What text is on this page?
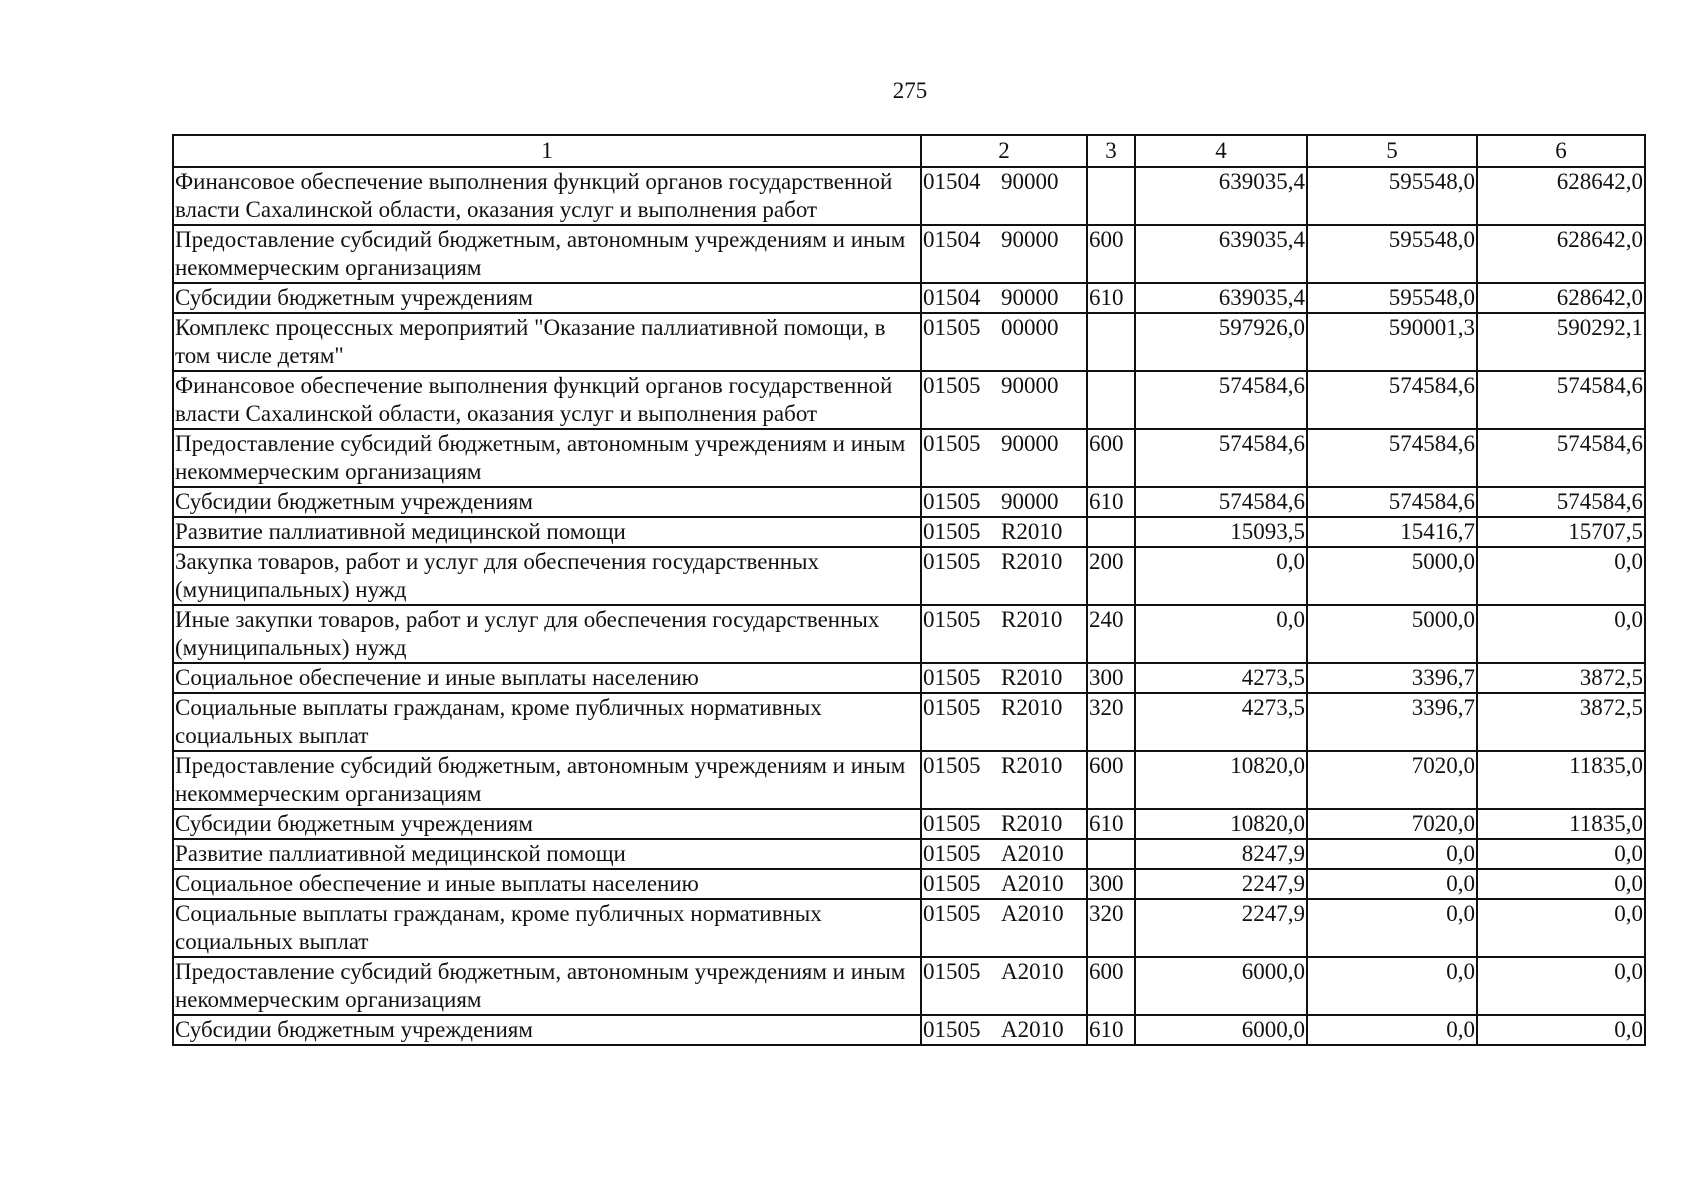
275
1	2	3	4	5	6
Финансовое обеспечение выполнения функций органов государственной власти Сахалинской области, оказания услуг и выполнения работ	01504 90000		639035,4	595548,0	628642,0
Предоставление субсидий бюджетным, автономным учреждениям и иным некоммерческим организациям	01504 90000	600	639035,4	595548,0	628642,0
Субсидии бюджетным учреждениям	01504 90000	610	639035,4	595548,0	628642,0
Комплекс процессных мероприятий "Оказание паллиативной помощи, в том числе детям"	01505 00000		597926,0	590001,3	590292,1
Финансовое обеспечение выполнения функций органов государственной власти Сахалинской области, оказания услуг и выполнения работ	01505 90000		574584,6	574584,6	574584,6
Предоставление субсидий бюджетным, автономным учреждениям и иным некоммерческим организациям	01505 90000	600	574584,6	574584,6	574584,6
Субсидии бюджетным учреждениям	01505 90000	610	574584,6	574584,6	574584,6
Развитие паллиативной медицинской помощи	01505 R2010		15093,5	15416,7	15707,5
Закупка товаров, работ и услуг для обеспечения государственных (муниципальных) нужд	01505 R2010	200	0,0	5000,0	0,0
Иные закупки товаров, работ и услуг для обеспечения государственных (муниципальных) нужд	01505 R2010	240	0,0	5000,0	0,0
Социальное обеспечение и иные выплаты населению	01505 R2010	300	4273,5	3396,7	3872,5
Социальные выплаты гражданам, кроме публичных нормативных социальных выплат	01505 R2010	320	4273,5	3396,7	3872,5
Предоставление субсидий бюджетным, автономным учреждениям и иным некоммерческим организациям	01505 R2010	600	10820,0	7020,0	11835,0
Субсидии бюджетным учреждениям	01505 R2010	610	10820,0	7020,0	11835,0
Развитие паллиативной медицинской помощи	01505 А2010		8247,9	0,0	0,0
Социальное обеспечение и иные выплаты населению	01505 А2010	300	2247,9	0,0	0,0
Социальные выплаты гражданам, кроме публичных нормативных социальных выплат	01505 А2010	320	2247,9	0,0	0,0
Предоставление субсидий бюджетным, автономным учреждениям и иным некоммерческим организациям	01505 А2010	600	6000,0	0,0	0,0
Субсидии бюджетным учреждениям	01505 А2010	610	6000,0	0,0	0,0
